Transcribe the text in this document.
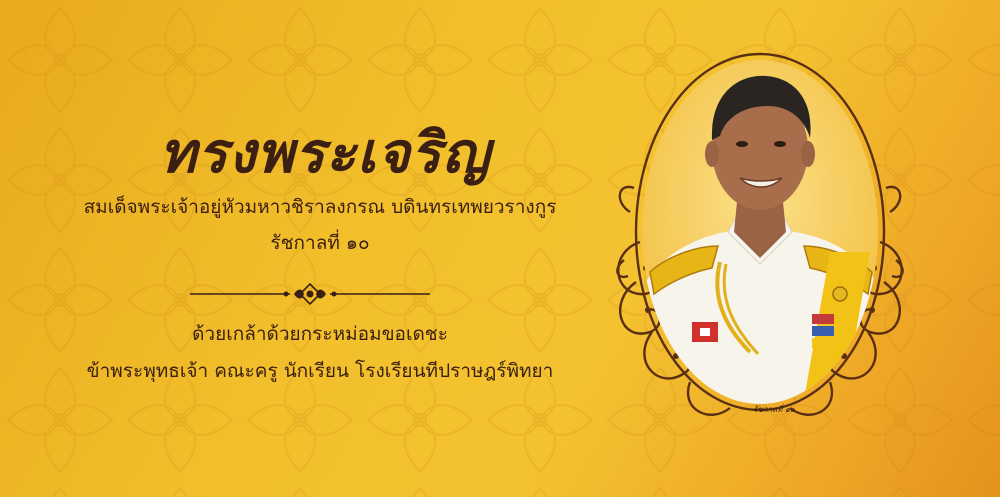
ทรงพระเจริญ
สมเด็จพระเจ้าอยู่หัวมหาวชิราลงกรณ บดินทรเทพยวรางกูร
รัชกาลที่ ๑๐
ด้วยเกล้าด้วยกระหม่อมขอเดชะ
ข้าพระพุทธเจ้า คณะครู นักเรียน โรงเรียนทีปราษฎร์พิทยา
รัชกาลที่ ๑๐
